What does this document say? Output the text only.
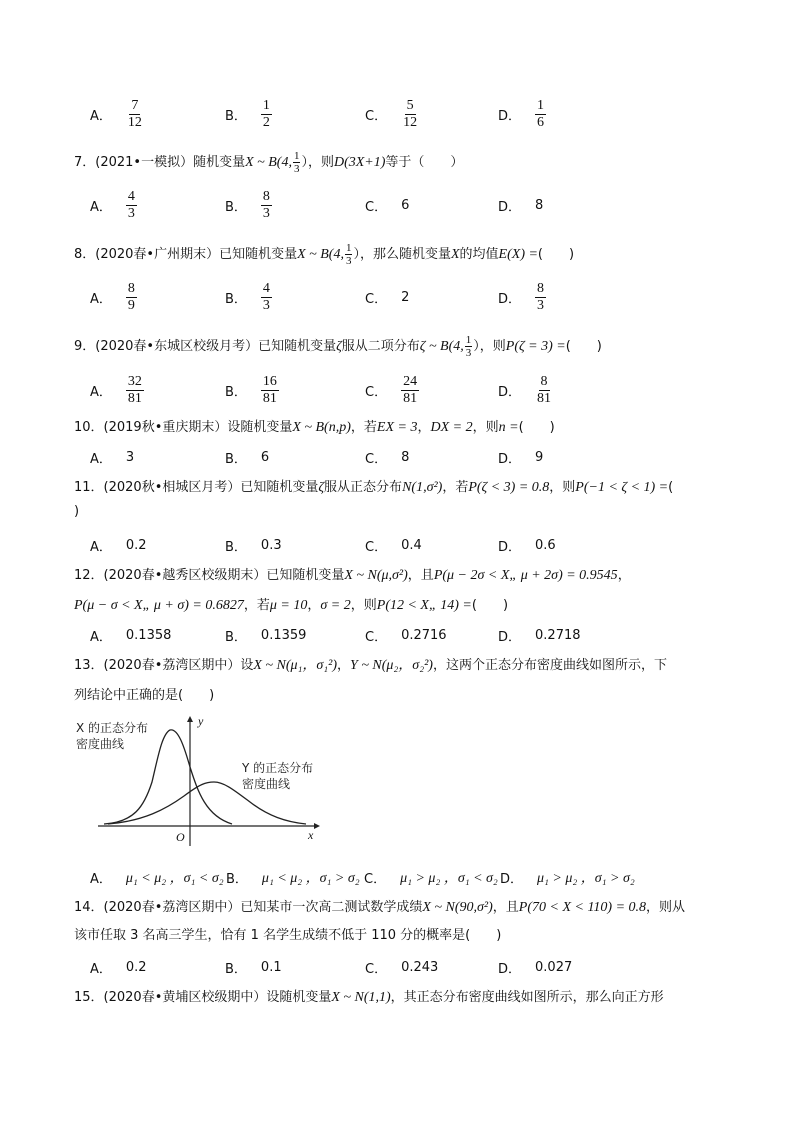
A． $\frac{7}{12}$	B． $\frac{1}{2}$	C． $\frac{5}{12}$	D． $\frac{1}{6}$
7．(2021•一模拟）随机变量X ~ B(4, $\frac{1}{3}$ ），则D(3X+1)等于（　　）
A． $\frac{4}{3}$	B． $\frac{8}{3}$	C． 6	D． 8
8．(2020春•广州期末）已知随机变量X ~ B(4, $\frac{1}{3}$ ），那么随机变量X的均值E(X) =(　　)
A． $\frac{8}{9}$	B． $\frac{4}{3}$	C． 2	D． $\frac{8}{3}$
9．(2020春•东城区校级月考）已知随机变量ζ服从二项分布ζ ~ B(4, $\frac{1}{3}$ ），则P(ζ = 3) =(　　)
A． $\frac{32}{81}$	B． $\frac{16}{81}$	C． $\frac{24}{81}$	D． $\frac{8}{81}$
10．(2019秋•重庆期末）设随机变量X ~ B(n,p)，若EX = 3，DX = 2，则n =(　　)
A． 3	B． 6	C． 8	D． 9
11．(2020秋•相城区月考）已知随机变量ζ服从正态分布N(1,σ²)，若P(ζ < 3) = 0.8，则P(−1 < ζ < 1) =(
)
A． 0.2	B． 0.3	C． 0.4	D． 0.6
12．(2020春•越秀区校级期末）已知随机变量X ~ N(μ,σ²)，且P(μ − 2σ < X„ μ + 2σ) = 0.9545，
P(μ − σ < X„ μ + σ) = 0.6827，若μ = 10，σ = 2，则P(12 < X„ 14) =(　　)
A． 0.1358	B． 0.1359	C． 0.2716	D． 0.2718
13．(2020春•荔湾区期中）设X ~ N(μ₁，σ₁²)，Y ~ N(μ₂，σ₂²)，这两个正态分布密度曲线如图所示，下
列结论中正确的是(　　)
X 的正态分布
密度曲线
Y 的正态分布
密度曲线
y
x
O
A． μ₁ < μ₂ ，σ₁ < σ₂ B． μ₁ < μ₂ ，σ₁ > σ₂ C． μ₁ > μ₂ ，σ₁ < σ₂ D． μ₁ > μ₂ ，σ₁ > σ₂
14．(2020春•荔湾区期中）已知某市一次高二测试数学成绩X ~ N(90,σ²)，且P(70 < X < 110) = 0.8，则从
该市任取 3 名高三学生，恰有 1 名学生成绩不低于 110 分的概率是(　　)
A． 0.2	B． 0.1	C． 0.243	D． 0.027
15．(2020春•黄埔区校级期中）设随机变量X ~ N(1,1)，其正态分布密度曲线如图所示，那么向正方形
